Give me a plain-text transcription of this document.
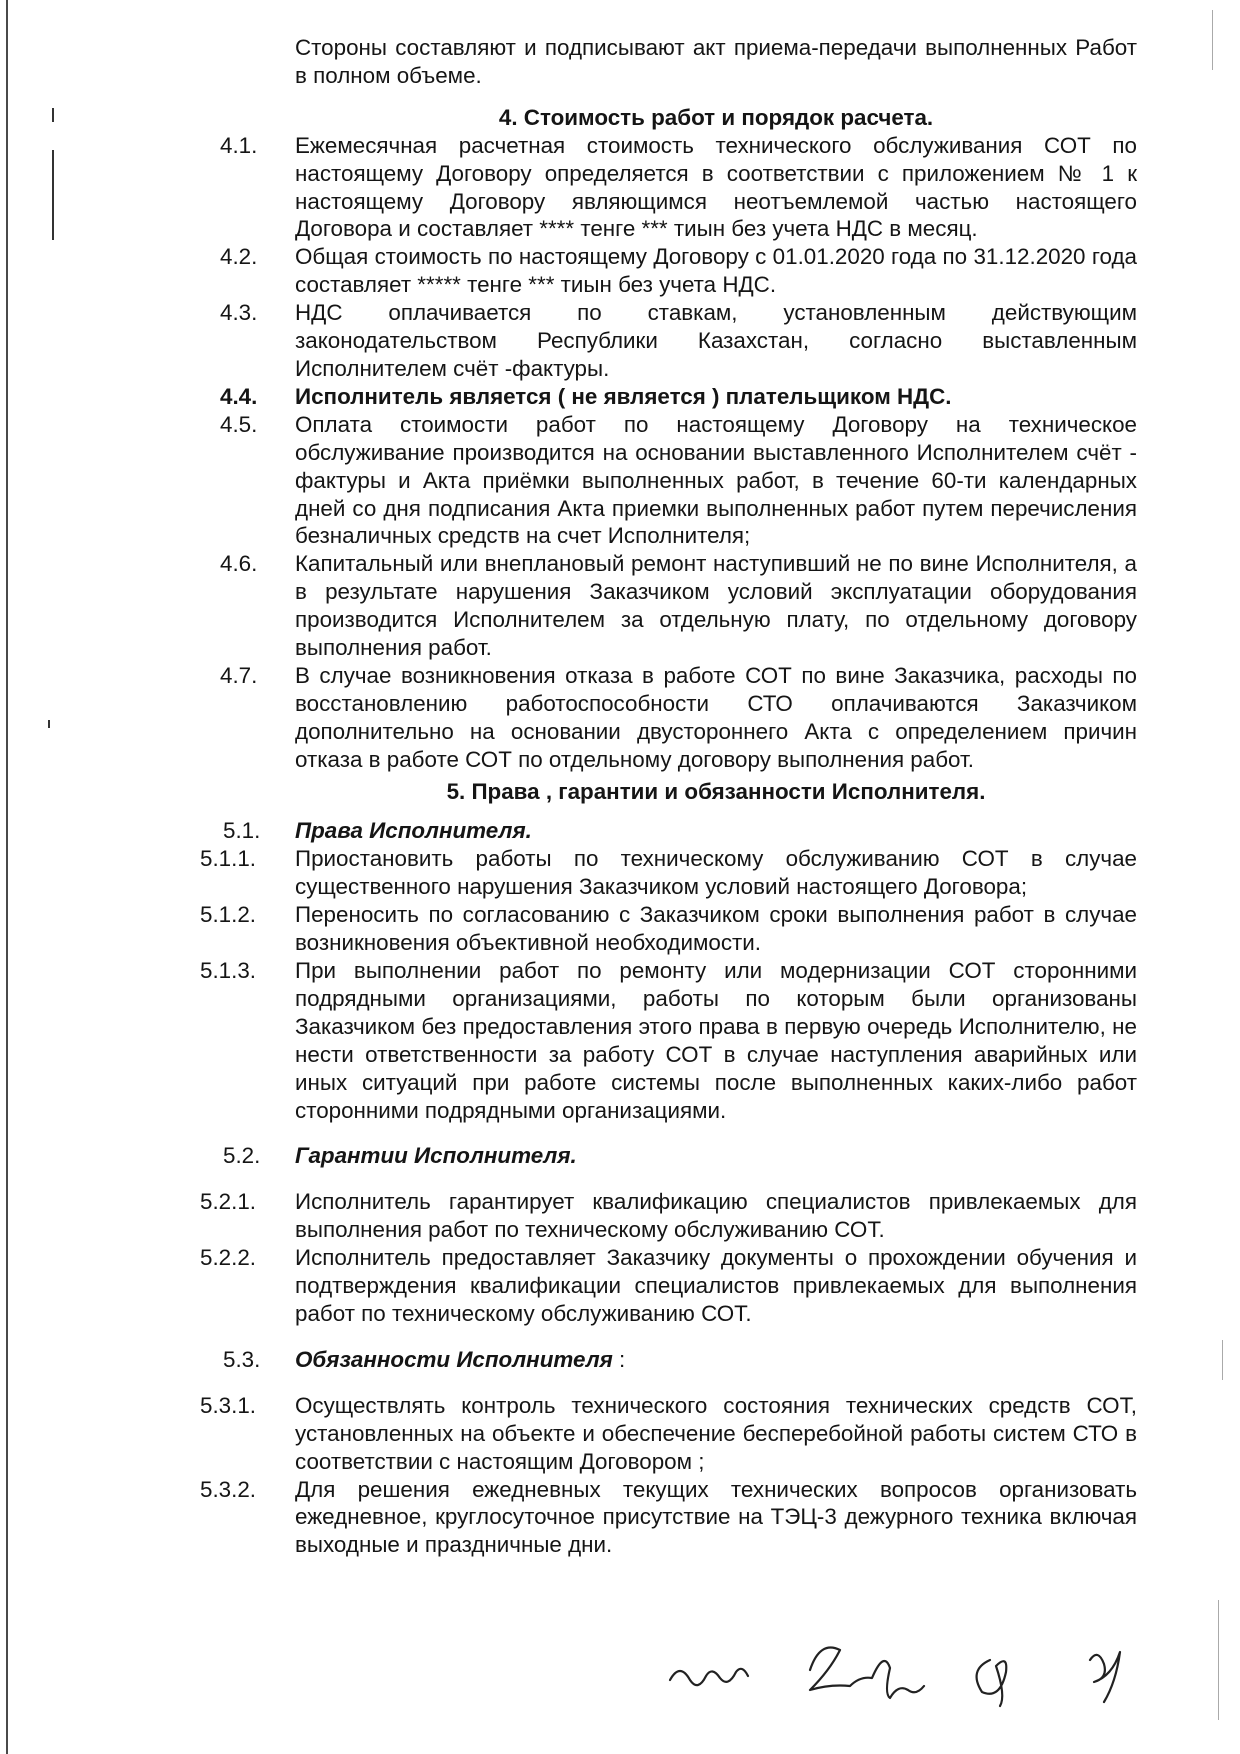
Стороны составляют и подписывают акт приема-передачи выполненных Работ в полном объеме.
4. Стоимость работ и порядок расчета.
4.1. Ежемесячная расчетная стоимость технического обслуживания СОТ по настоящему Договору определяется в соответствии с приложением № 1 к настоящему Договору являющимся неотъемлемой частью настоящего Договора и составляет **** тенге *** тиын без учета НДС в месяц.
4.2. Общая стоимость по настоящему Договору с 01.01.2020 года по 31.12.2020 года составляет ***** тенге *** тиын без учета НДС.
4.3. НДС оплачивается по ставкам, установленным действующим законодательством Республики Казахстан, согласно выставленным Исполнителем счёт -фактуры.
4.4. Исполнитель является ( не является ) плательщиком НДС.
4.5. Оплата стоимости работ по настоящему Договору на техническое обслуживание производится на основании выставленного Исполнителем счёт - фактуры и Акта приёмки выполненных работ, в течение 60-ти календарных дней со дня подписания Акта приемки выполненных работ путем перечисления безналичных средств на счет Исполнителя;
4.6. Капитальный или внеплановый ремонт наступивший не по вине Исполнителя, а в результате нарушения Заказчиком условий эксплуатации оборудования производится Исполнителем за отдельную плату, по отдельному договору выполнения работ.
4.7. В случае возникновения отказа в работе СОТ по вине Заказчика, расходы по восстановлению работоспособности СТО оплачиваются Заказчиком дополнительно на основании двустороннего Акта с определением причин отказа в работе СОТ по отдельному договору выполнения работ.
5. Права , гарантии и обязанности Исполнителя.
5.1. Права Исполнителя.
5.1.1. Приостановить работы по техническому обслуживанию СОТ в случае существенного нарушения Заказчиком условий настоящего Договора;
5.1.2. Переносить по согласованию с Заказчиком сроки выполнения работ в случае возникновения объективной необходимости.
5.1.3. При выполнении работ по ремонту или модернизации СОТ сторонними подрядными организациями, работы по которым были организованы Заказчиком без предоставления этого права в первую очередь Исполнителю, не нести ответственности за работу СОТ в случае наступления аварийных или иных ситуаций при работе системы после выполненных каких-либо работ сторонними подрядными организациями.
5.2. Гарантии Исполнителя.
5.2.1. Исполнитель гарантирует квалификацию специалистов привлекаемых для выполнения работ по техническому обслуживанию СОТ.
5.2.2. Исполнитель предоставляет Заказчику документы о прохождении обучения и подтверждения квалификации специалистов привлекаемых для выполнения работ по техническому обслуживанию СОТ.
5.3. Обязанности Исполнителя :
5.3.1. Осуществлять контроль технического состояния технических средств СОТ, установленных на объекте и обеспечение бесперебойной работы систем СТО в соответствии с настоящим Договором ;
5.3.2. Для решения ежедневных текущих технических вопросов организовать ежедневное, круглосуточное присутствие на ТЭЦ-3 дежурного техника включая выходные и праздничные дни.
